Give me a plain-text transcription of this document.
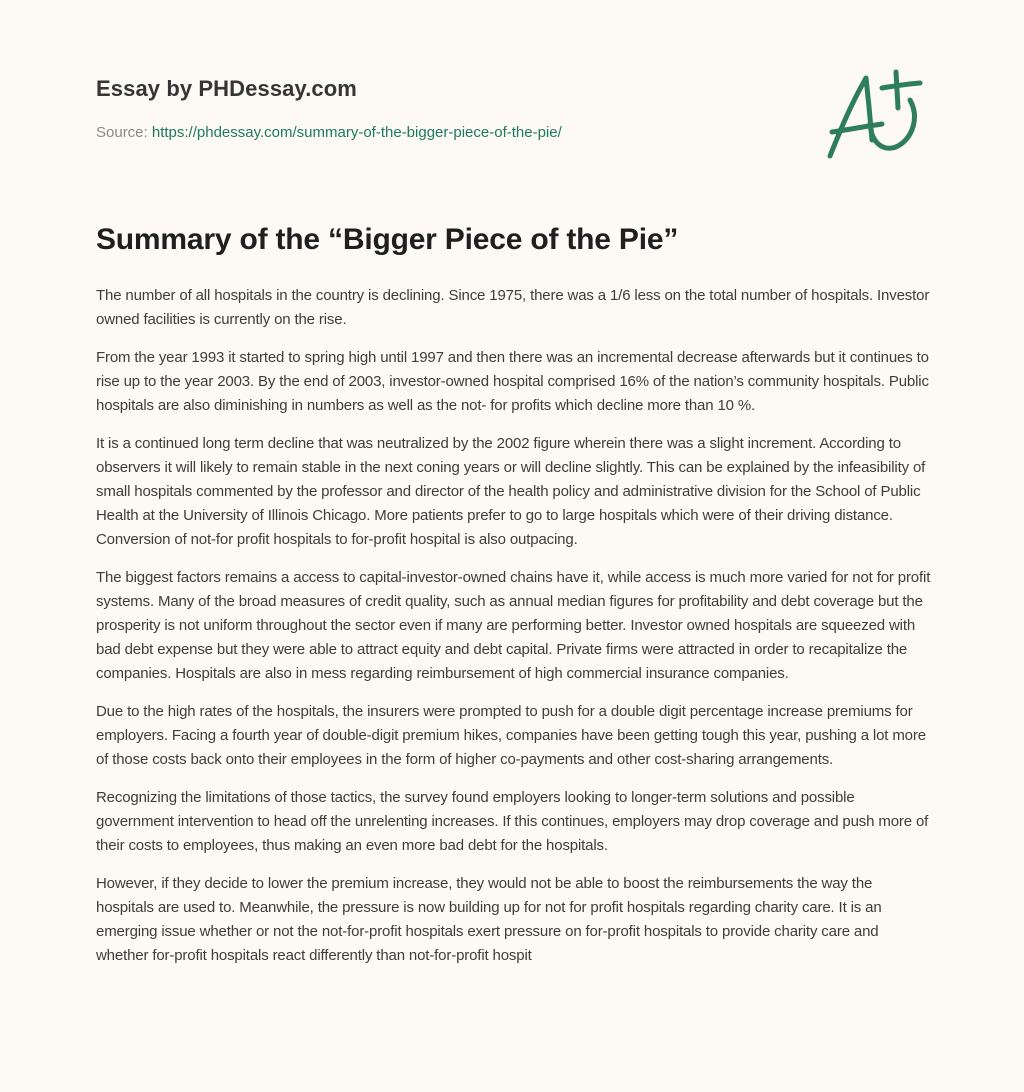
Essay by PHDessay.com
Source: https://phdessay.com/summary-of-the-bigger-piece-of-the-pie/
Summary of the “Bigger Piece of the Pie”

The number of all hospitals in the country is declining. Since 1975, there was a 1/6 less on the total number of hospitals. Investor owned facilities is currently on the rise.

From the year 1993 it started to spring high until 1997 and then there was an incremental decrease afterwards but it continues to rise up to the year 2003. By the end of 2003, investor-owned hospital comprised 16% of the nation’s community hospitals. Public hospitals are also diminishing in numbers as well as the not- for profits which decline more than 10 %.

It is a continued long term decline that was neutralized by the 2002 figure wherein there was a slight increment. According to observers it will likely to remain stable in the next coning years or will decline slightly. This can be explained by the infeasibility of small hospitals commented by the professor and director of the health policy and administrative division for the School of Public Health at the University of Illinois Chicago. More patients prefer to go to large hospitals which were of their driving distance. Conversion of not-for profit hospitals to for-profit hospital is also outpacing.

The biggest factors remains a access to capital-investor-owned chains have it, while access is much more varied for not for profit systems. Many of the broad measures of credit quality, such as annual median figures for profitability and debt coverage but the prosperity is not uniform throughout the sector even if many are performing better. Investor owned hospitals are squeezed with bad debt expense but they were able to attract equity and debt capital. Private firms were attracted in order to recapitalize the companies. Hospitals are also in mess regarding reimbursement of high commercial insurance companies.

Due to the high rates of the hospitals, the insurers were prompted to push for a double digit percentage increase premiums for employers. Facing a fourth year of double-digit premium hikes, companies have been getting tough this year, pushing a lot more of those costs back onto their employees in the form of higher co-payments and other cost-sharing arrangements.

Recognizing the limitations of those tactics, the survey found employers looking to longer-term solutions and possible government intervention to head off the unrelenting increases. If this continues, employers may drop coverage and push more of their costs to employees, thus making an even more bad debt for the hospitals.

However, if they decide to lower the premium increase, they would not be able to boost the reimbursements the way the hospitals are used to. Meanwhile, the pressure is now building up for not for profit hospitals regarding charity care. It is an emerging issue whether or not the not-for-profit hospitals exert pressure on for-profit hospitals to provide charity care and whether for-profit hospitals react differently than not-for-profit hospit
